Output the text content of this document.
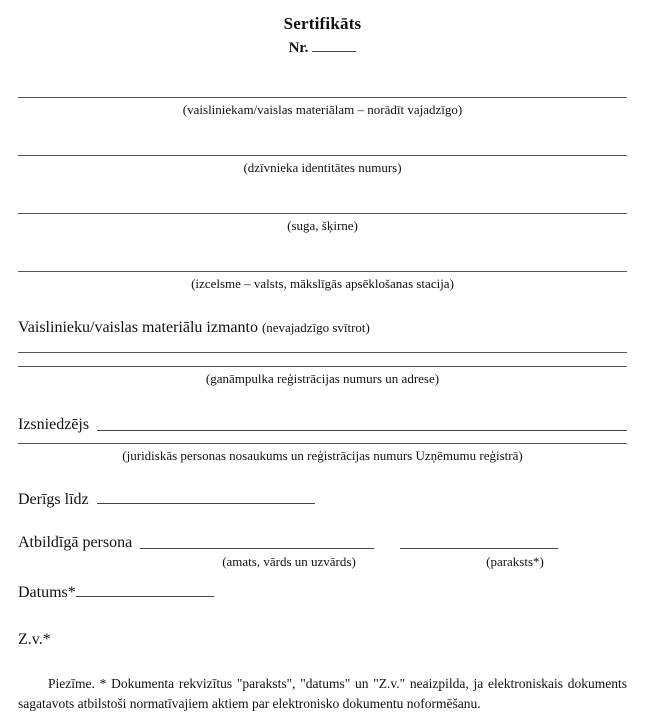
Sertifikāts
Nr.
(vaisliniekam/vaislas materiālam – norādīt vajadzīgo)
(dzīvnieka identitātes numurs)
(suga, šķirne)
(izcelsme – valsts, mākslīgās apsēklošanas stacija)
Vaislinieku/vaislas materiālu izmanto (nevajadzīgo svītrot)
(ganāmpulka reģistrācijas numurs un adrese)
Izsniedzējs
(juridiskās personas nosaukums un reģistrācijas numurs Uzņēmumu reģistrā)
Derīgs līdz
Atbildīgā persona
(amats, vārds un uzvārds)	(paraksts*)
Datums*
Z.v.*
Piezīme. * Dokumenta rekvizītus "paraksts", "datums" un "Z.v." neaizpilda, ja elektroniskais dokuments sagatavots atbilstoši normatīvajiem aktiem par elektronisko dokumentu noformēšanu.
